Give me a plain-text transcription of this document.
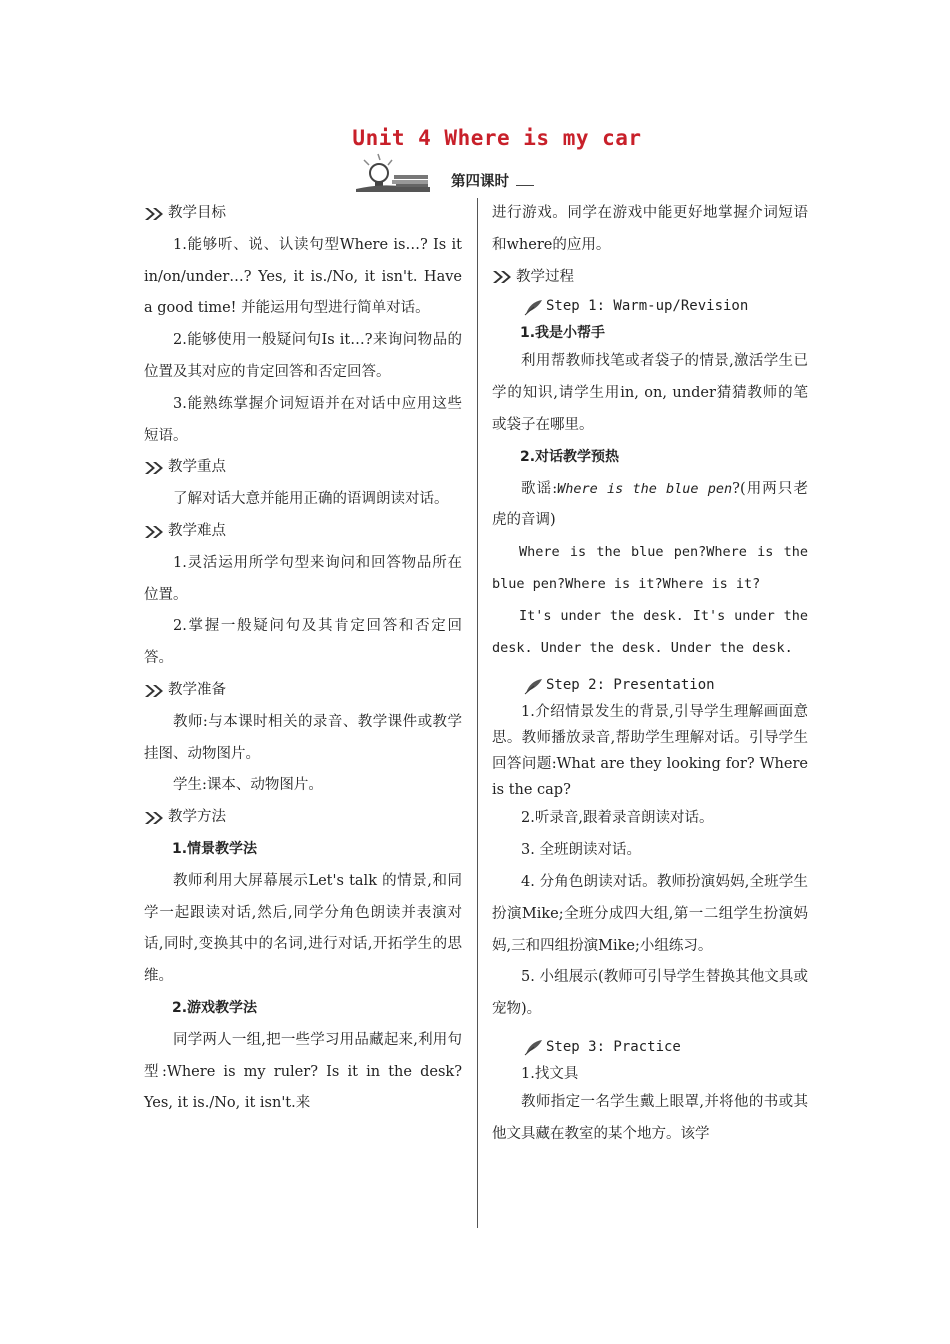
Unit 4 Where is my car
第四课时
教学目标

1.能够听、说、认读句型Where is…? Is it in/on/under…? Yes, it is./No, it isn't. Have a good time! 并能运用句型进行简单对话。

2.能够使用一般疑问句Is it…?来询问物品的位置及其对应的肯定回答和否定回答。

3.能熟练掌握介词短语并在对话中应用这些短语。

教学重点

了解对话大意并能用正确的语调朗读对话。

教学难点

1.灵活运用所学句型来询问和回答物品所在位置。

2.掌握一般疑问句及其肯定回答和否定回答。

教学准备

教师:与本课时相关的录音、教学课件或教学挂图、动物图片。

学生:课本、动物图片。

教学方法

1.情景教学法

教师利用大屏幕展示Let's talk 的情景,和同学一起跟读对话,然后,同学分角色朗读并表演对话,同时,变换其中的名词,进行对话,开拓学生的思维。

2.游戏教学法

同学两人一组,把一些学习用品藏起来,利用句型:Where is my ruler? Is it in the desk? Yes, it is./No, it isn't.来

进行游戏。同学在游戏中能更好地掌握介词短语和where的应用。

教学过程
Step 1: Warm-up/Revision

1.我是小帮手

利用帮教师找笔或者袋子的情景,激活学生已学的知识,请学生用in, on, under猜猜教师的笔或袋子在哪里。

2.对话教学预热

歌谣:Where is the blue pen?(用两只老虎的音调)

Where is the blue pen?Where is the blue pen?Where is it?Where is it?

It's under the desk. It's under the desk. Under the desk. Under the desk.

Step 2: Presentation

1.介绍情景发生的背景,引导学生理解画面意思。教师播放录音,帮助学生理解对话。引导学生回答问题:What are they looking for? Where is the cap?

2.听录音,跟着录音朗读对话。

3. 全班朗读对话。

4. 分角色朗读对话。教师扮演妈妈,全班学生扮演Mike;全班分成四大组,第一二组学生扮演妈妈,三和四组扮演Mike;小组练习。

5. 小组展示(教师可引导学生替换其他文具或宠物)。

Step 3: Practice

1.找文具

教师指定一名学生戴上眼罩,并将他的书或其他文具藏在教室的某个地方。该学
